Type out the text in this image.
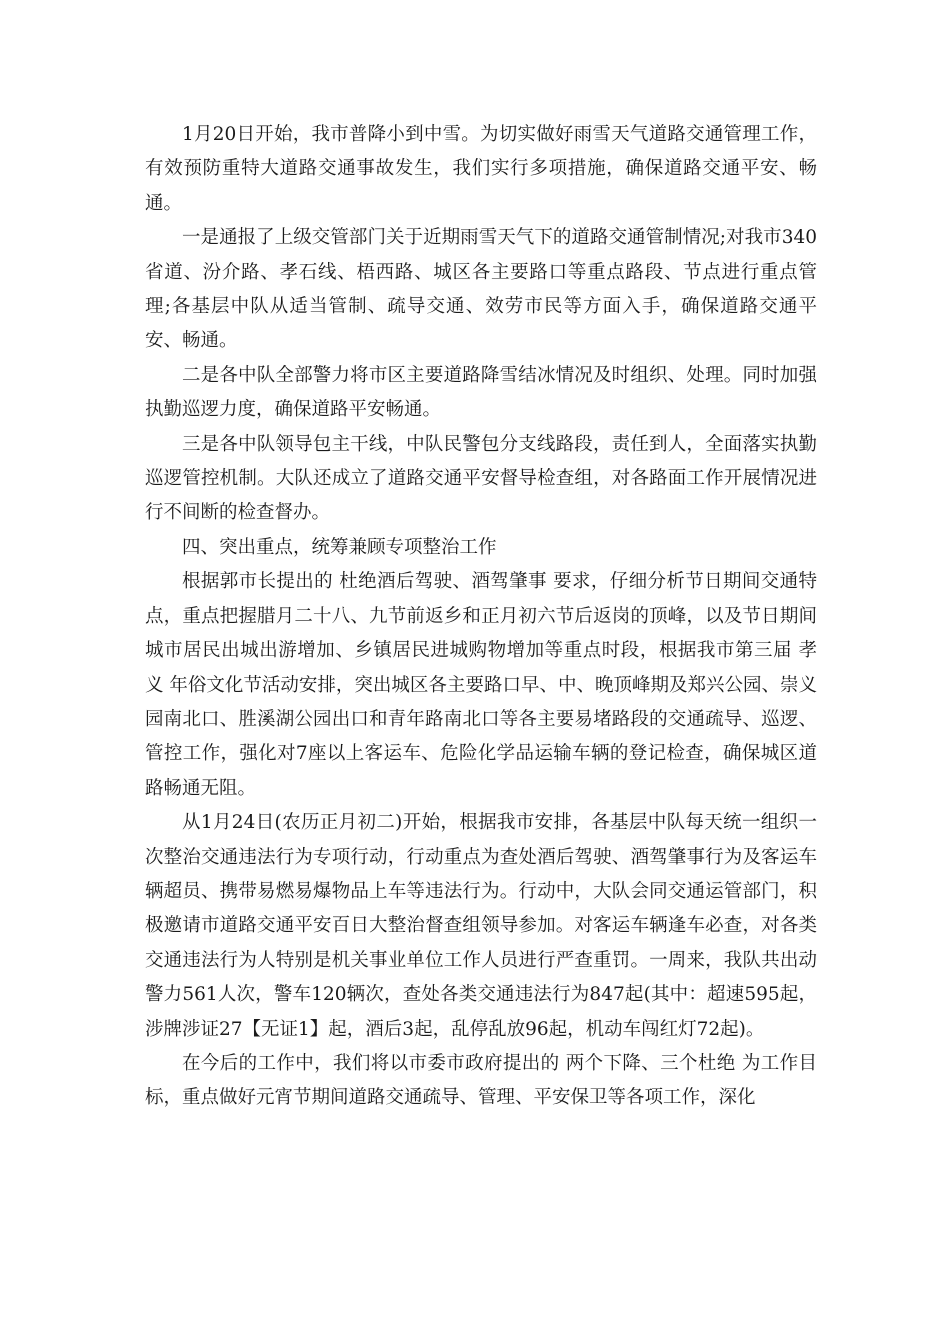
1月20日开始，我市普降小到中雪。为切实做好雨雪天气道路交通管理工作，有效预防重特大道路交通事故发生，我们实行多项措施，确保道路交通平安、畅通。

一是通报了上级交管部门关于近期雨雪天气下的道路交通管制情况;对我市340省道、汾介路、孝石线、梧西路、城区各主要路口等重点路段、节点进行重点管理;各基层中队从适当管制、疏导交通、效劳市民等方面入手，确保道路交通平安、畅通。

二是各中队全部警力将市区主要道路降雪结冰情况及时组织、处理。同时加强执勤巡逻力度，确保道路平安畅通。

三是各中队领导包主干线，中队民警包分支线路段，责任到人，全面落实执勤巡逻管控机制。大队还成立了道路交通平安督导检查组，对各路面工作开展情况进行不间断的检查督办。

四、突出重点，统筹兼顾专项整治工作

根据郭市长提出的 杜绝酒后驾驶、酒驾肇事 要求，仔细分析节日期间交通特点，重点把握腊月二十八、九节前返乡和正月初六节后返岗的顶峰，以及节日期间城市居民出城出游增加、乡镇居民进城购物增加等重点时段，根据我市第三届 孝 义 年俗文化节活动安排，突出城区各主要路口早、中、晚顶峰期及郑兴公园、崇义园南北口、胜溪湖公园出口和青年路南北口等各主要易堵路段的交通疏导、巡逻、管控工作，强化对7座以上客运车、危险化学品运输车辆的登记检查，确保城区道路畅通无阻。

从1月24日(农历正月初二)开始，根据我市安排，各基层中队每天统一组织一次整治交通违法行为专项行动，行动重点为查处酒后驾驶、酒驾肇事行为及客运车辆超员、携带易燃易爆物品上车等违法行为。行动中，大队会同交通运管部门，积极邀请市道路交通平安百日大整治督查组领导参加。对客运车辆逢车必查，对各类交通违法行为人特别是机关事业单位工作人员进行严查重罚。一周来，我队共出动警力561人次，警车120辆次，查处各类交通违法行为847起(其中：超速595起，涉牌涉证27【无证1】起，酒后3起，乱停乱放96起，机动车闯红灯72起)。

在今后的工作中，我们将以市委市政府提出的 两个下降、三个杜绝 为工作目标，重点做好元宵节期间道路交通疏导、管理、平安保卫等各项工作，深化
